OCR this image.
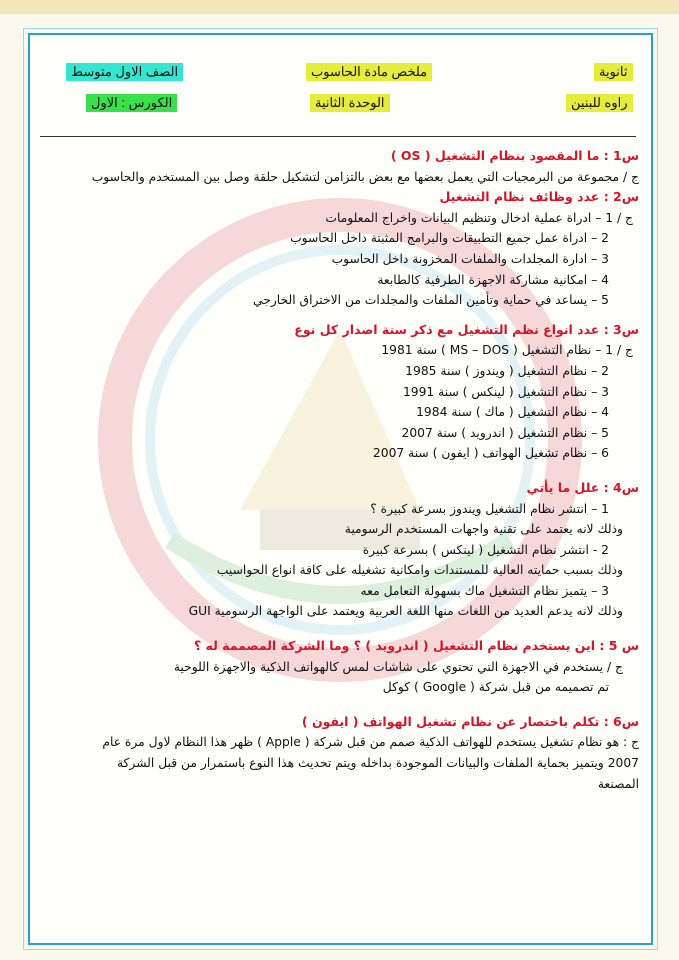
ثانوية
ملخص مادة الحاسوب
الصف الاول متوسط
راوه للبنين
الوحدة الثانية
الكورس : الاول
س1 : ما المقصود بنظام التشغيل ( OS )
ج / مجموعة من البرمجيات التي يعمل بعضها مع بعض بالتزامن لتشكيل حلقة وصل بين المستخدم والحاسوب
س2 : عدد وظائف نظام التشغيل
ج / 1 – ادراة عملية ادخال وتنظيم البيانات واخراج المعلومات
2 – ادراة عمل جميع التطبيقات والبرامج المثبتة داخل الحاسوب
3 – ادارة المجلدات والملفات المخزونة داخل الحاسوب
4 – امكانية مشاركة الاجهزة الطرفية كالطابعة
5 – يساعد في حماية وتأمين الملفات والمجلدات من الاختراق الخارجي
س3 : عدد انواع نظم التشغيل مع ذكر سنة اصدار كل نوع
ج / 1 – نظام التشغيل ( MS – DOS ) سنة 1981
2 – نظام التشغيل ( ويندوز ) سنة 1985
3 – نظام التشغيل ( لينكس ) سنة 1991
4 – نظام التشغيل ( ماك ) سنة 1984
5 – نظام التشغيل ( اندرويد ) سنة 2007
6 – نظام تشغيل الهواتف ( ايفون ) سنة 2007
س4 : علل ما يأتي
1 – انتشر نظام التشغيل ويندوز بسرعة كبيرة ؟
وذلك لانه يعتمد على تقنية واجهات المستخدم الرسومية
2 - انتشر نظام التشغيل ( لينكس ) بسرعة كبيرة
وذلك بسبب حمايته العالية للمستندات وامكانية تشغيله على كافة انواع الحواسيب
3 – يتميز نظام التشغيل ماك بسهولة التعامل معه
وذلك لانه يدعم العديد من اللغات منها اللغة العربية ويعتمد على الواجهة الرسومية GUI
س 5 : اين يستخدم نظام التشغيل ( اندرويد ) ؟ وما الشركة المصممة له ؟
ج / يستخدم في الاجهزة التي تحتوي على شاشات لمس كالهواتف الذكية والاجهزة اللوحية
تم تصميمه من قبل شركة ( Google ) كوكل
س6 : تكلم باختصار عن نظام تشغيل الهواتف ( ايفون )
ج : هو نظام تشغيل يستخدم للهواتف الذكية صمم من قبل شركة ( Apple ) ظهر هذا النظام لاول مرة عام 2007 ويتميز بحماية الملفات والبيانات الموجودة بداخله ويتم تحديث هذا النوع باستمرار من قبل الشركة المصنعة
